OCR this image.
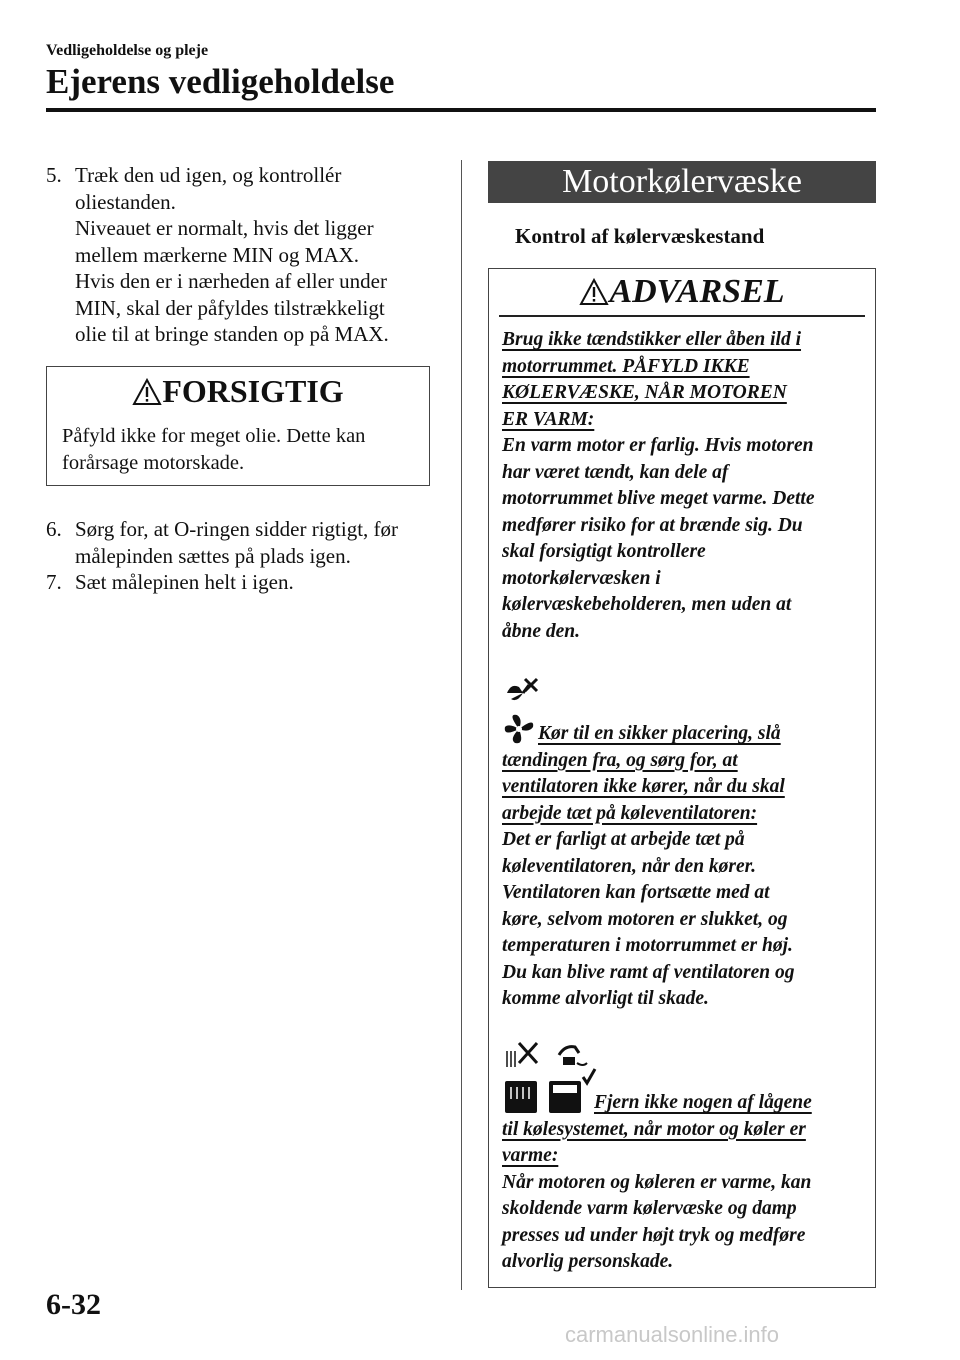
Vedligeholdelse og pleje
Ejerens vedligeholdelse
5. Træk den ud igen, og kontrollér
oliestanden.
Niveauet er normalt, hvis det ligger
mellem mærkerne MIN og MAX.
Hvis den er i nærheden af eller under
MIN, skal der påfyldes tilstrækkeligt
olie til at bringe standen op på MAX.
FORSIGTIG
Påfyld ikke for meget olie. Dette kan
forårsage motorskade.
6. Sørg for, at O-ringen sidder rigtigt, før
målepinden sættes på plads igen.
7. Sæt målepinen helt i igen.
Motorkølervæske
Kontrol af kølervæskestand
ADVARSEL
Brug ikke tændstikker eller åben ild i
motorrummet. PÅFYLD IKKE
KØLERVÆSKE, NÅR MOTOREN
ER VARM:
En varm motor er farlig. Hvis motoren
har været tændt, kan dele af
motorrummet blive meget varme. Dette
medfører risiko for at brænde sig. Du
skal forsigtigt kontrollere
motorkølervæsken i
kølervæskebeholderen, men uden at
åbne den.
Kør til en sikker placering, slå
tændingen fra, og sørg for, at
ventilatoren ikke kører, når du skal
arbejde tæt på køleventilatoren:
Det er farligt at arbejde tæt på
køleventilatoren, når den kører.
Ventilatoren kan fortsætte med at
køre, selvom motoren er slukket, og
temperaturen i motorrummet er høj.
Du kan blive ramt af ventilatoren og
komme alvorligt til skade.
Fjern ikke nogen af lågene
til kølesystemet, når motor og køler er
varme:
Når motoren og køleren er varme, kan
skoldende varm kølervæske og damp
presses ud under højt tryk og medføre
alvorlig personskade.
6-32
carmanualsonline.info
